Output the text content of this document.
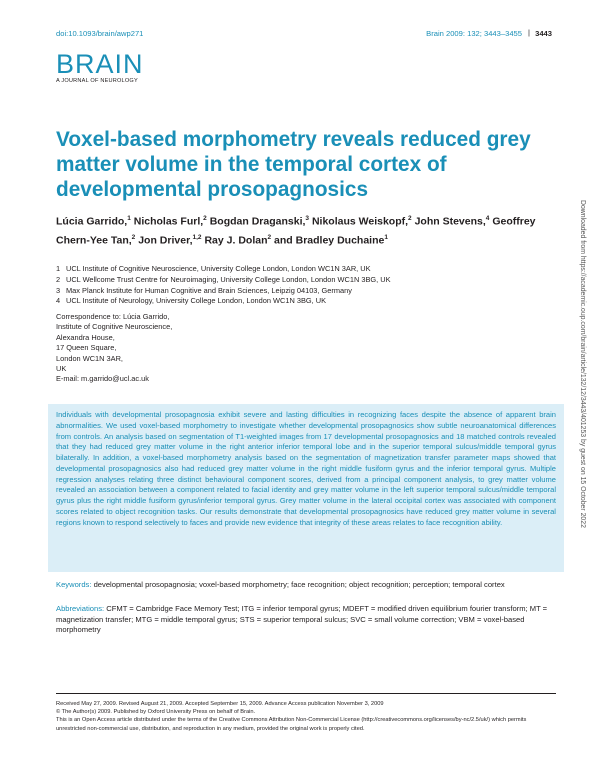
doi:10.1093/brain/awp271	Brain 2009: 132; 3443–3455 | 3443
BRAIN
A JOURNAL OF NEUROLOGY
Voxel-based morphometry reveals reduced grey matter volume in the temporal cortex of developmental prosopagnosics

Lúcia Garrido,$^1$ Nicholas Furl,$^2$ Bogdan Draganski,$^3$ Nikolaus Weiskopf,$^2$ John Stevens,$^4$ Geoffrey Chern-Yee Tan,$^2$ Jon Driver,$^{1,2}$ Ray J. Dolan$^2$ and Bradley Duchaine$^1$

1 UCL Institute of Cognitive Neuroscience, University College London, London WC1N 3AR, UK
2 UCL Wellcome Trust Centre for Neuroimaging, University College London, London WC1N 3BG, UK
3 Max Planck Institute for Human Cognitive and Brain Sciences, Leipzig 04103, Germany
4 UCL Institute of Neurology, University College London, London WC1N 3BG, UK
Correspondence to: Lúcia Garrido,
Institute of Cognitive Neuroscience,
Alexandra House,
17 Queen Square,
London WC1N 3AR,
UK
E-mail: m.garrido@ucl.ac.uk

Individuals with developmental prosopagnosia exhibit severe and lasting difficulties in recognizing faces despite the absence of apparent brain abnormalities. We used voxel-based morphometry to investigate whether developmental prosopagnosics show subtle neuroanatomical differences from controls. An analysis based on segmentation of T1-weighted images from 17 developmental prosopagnosics and 18 matched controls revealed that they had reduced grey matter volume in the right anterior inferior temporal lobe and in the superior temporal sulcus/middle temporal gyrus bilaterally. In addition, a voxel-based morphometry analysis based on the segmentation of magnetization transfer parameter maps showed that developmental prosopagnosics also had reduced grey matter volume in the right middle fusiform gyrus and the inferior temporal gyrus. Multiple regression analyses relating three distinct behavioural component scores, derived from a principal component analysis, to grey matter volume revealed an association between a component related to facial identity and grey matter volume in the left superior temporal sulcus/middle temporal gyrus plus the right middle fusiform gyrus/inferior temporal gyrus. Grey matter volume in the lateral occipital cortex was associated with component scores related to object recognition tasks. Our results demonstrate that developmental prosopagnosics have reduced grey matter volume in several regions known to respond selectively to faces and provide new evidence that integrity of these areas relates to face recognition ability.

Keywords: developmental prosopagnosia; voxel-based morphometry; face recognition; object recognition; perception; temporal cortex

Abbreviations: CFMT = Cambridge Face Memory Test; ITG = inferior temporal gyrus; MDEFT = modified driven equilibrium fourier transform; MT = magnetization transfer; MTG = middle temporal gyrus; STS = superior temporal sulcus; SVC = small volume correction; VBM = voxel-based morphometry

Received May 27, 2009. Revised August 21, 2009. Accepted September 15, 2009. Advance Access publication November 3, 2009
© The Author(s) 2009. Published by Oxford University Press on behalf of Brain.
This is an Open Access article distributed under the terms of the Creative Commons Attribution Non-Commercial License (http://creativecommons.org/licenses/by-nc/2.5/uk/) which permits unrestricted non-commercial use, distribution, and reproduction in any medium, provided the original work is properly cited.
Downloaded from https://academic.oup.com/brain/article/132/12/3443/401253 by guest on 15 October 2022
